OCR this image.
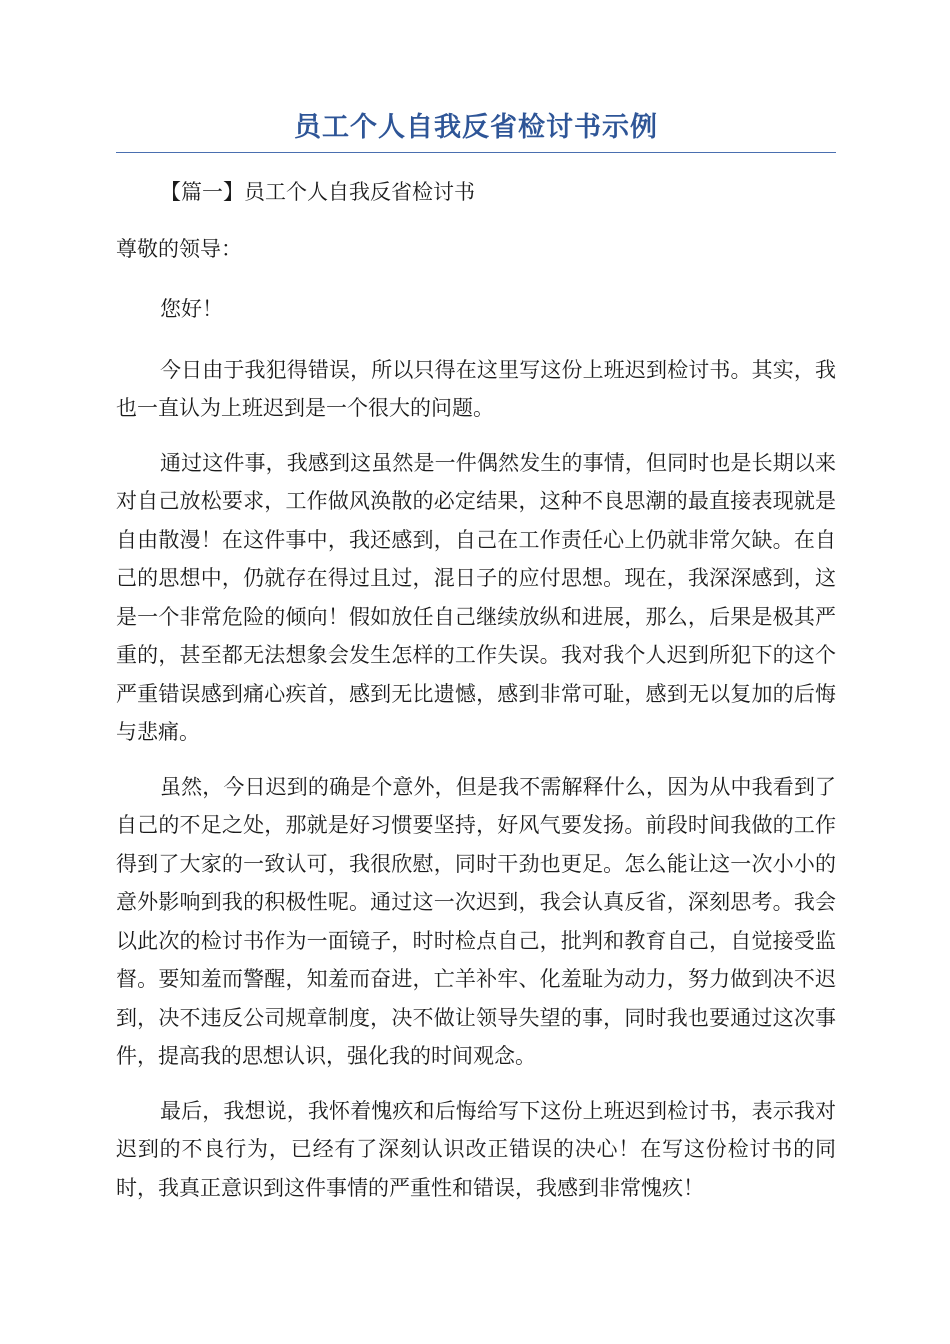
员工个人自我反省检讨书示例

【篇一】员工个人自我反省检讨书

尊敬的领导：

您好！

今日由于我犯得错误，所以只得在这里写这份上班迟到检讨书。其实，我也一直认为上班迟到是一个很大的问题。

通过这件事，我感到这虽然是一件偶然发生的事情，但同时也是长期以来对自己放松要求，工作做风涣散的必定结果，这种不良思潮的最直接表现就是自由散漫！在这件事中，我还感到，自己在工作责任心上仍就非常欠缺。在自己的思想中，仍就存在得过且过，混日子的应付思想。现在，我深深感到，这是一个非常危险的倾向！假如放任自己继续放纵和进展，那么，后果是极其严重的，甚至都无法想象会发生怎样的工作失误。我对我个人迟到所犯下的这个严重错误感到痛心疾首，感到无比遗憾，感到非常可耻，感到无以复加的后悔与悲痛。

虽然，今日迟到的确是个意外，但是我不需解释什么，因为从中我看到了自己的不足之处，那就是好习惯要坚持，好风气要发扬。前段时间我做的工作得到了大家的一致认可，我很欣慰，同时干劲也更足。怎么能让这一次小小的意外影响到我的积极性呢。通过这一次迟到，我会认真反省，深刻思考。我会以此次的检讨书作为一面镜子，时时检点自己，批判和教育自己，自觉接受监督。要知羞而警醒，知羞而奋进，亡羊补牢、化羞耻为动力，努力做到决不迟到，决不违反公司规章制度，决不做让领导失望的事，同时我也要通过这次事件，提高我的思想认识，强化我的时间观念。

最后，我想说，我怀着愧疚和后悔给写下这份上班迟到检讨书，表示我对迟到的不良行为，已经有了深刻认识改正错误的决心！在写这份检讨书的同时，我真正意识到这件事情的严重性和错误，我感到非常愧疚！
